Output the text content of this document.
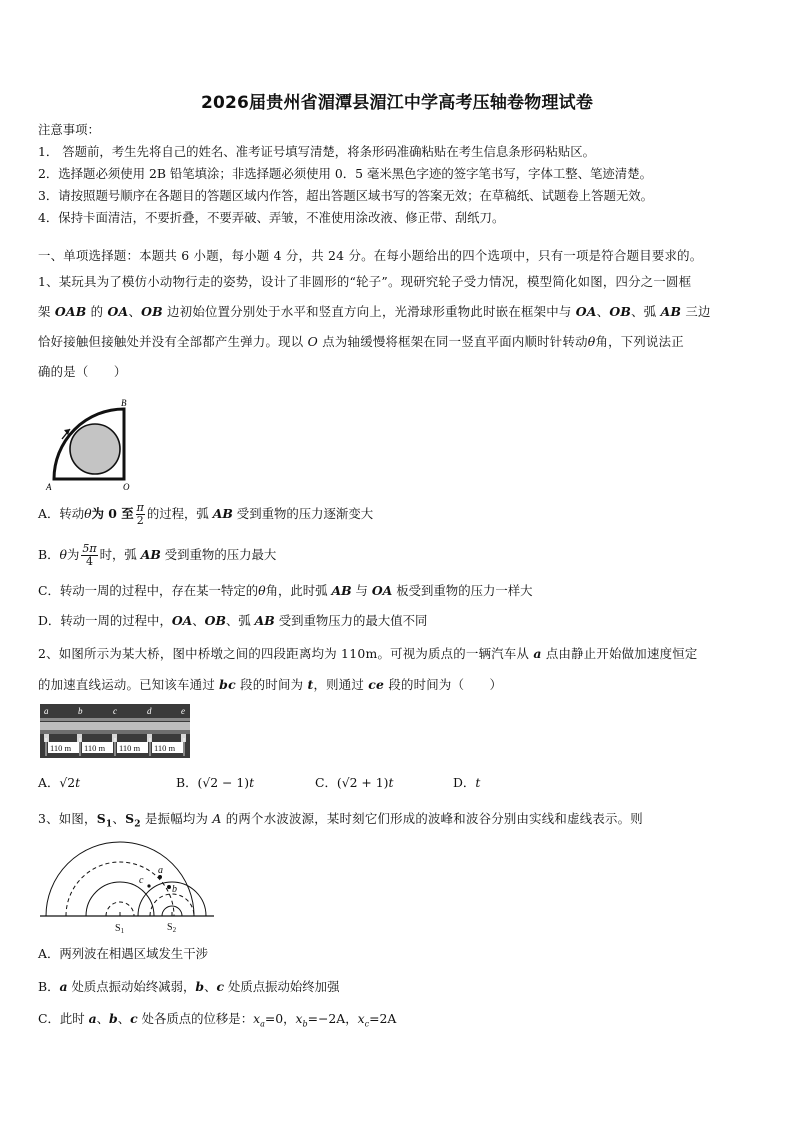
2026届贵州省湄潭县湄江中学高考压轴卷物理试卷
注意事项：
1． 答题前，考生先将自己的姓名、准考证号填写清楚，将条形码准确粘贴在考生信息条形码粘贴区。
2．选择题必须使用 2B 铅笔填涂；非选择题必须使用 0．5 毫米黑色字迹的签字笔书写，字体工整、笔迹清楚。
3．请按照题号顺序在各题目的答题区域内作答，超出答题区域书写的答案无效；在草稿纸、试题卷上答题无效。
4．保持卡面清洁，不要折叠，不要弄破、弄皱，不准使用涂改液、修正带、刮纸刀。
一、单项选择题：本题共 6 小题，每小题 4 分，共 24 分。在每小题给出的四个选项中，只有一项是符合题目要求的。
1、某玩具为了模仿小动物行走的姿势，设计了非圆形的“轮子”。现研究轮子受力情况，模型简化如图，四分之一圆框
架 OAB 的 OA、OB 边初始位置分别处于水平和竖直方向上，光滑球形重物此时嵌在框架中与 OA、OB、弧 AB 三边
恰好接触但接触处并没有全部都产生弹力。现以 O 点为轴缓慢将框架在同一竖直平面内顺时针转动θ角，下列说法正
确的是（　　）
B
A	O
A．转动θ为 0 至 $\frac{\pi}{2}$ 的过程，弧 AB 受到重物的压力逐渐变大
B．θ为 $\frac{5\pi}{4}$ 时，弧 AB 受到重物的压力最大
C．转动一周的过程中，存在某一特定的θ角，此时弧 AB 与 OA 板受到重物的压力一样大
D．转动一周的过程中，OA、OB、弧 AB 受到重物压力的最大值不同
2、如图所示为某大桥，图中桥墩之间的四段距离均为 110m。可视为质点的一辆汽车从 a 点由静止开始做加速度恒定
的加速直线运动。已知该车通过 bc 段的时间为 t，则通过 ce 段的时间为（　　）
110 m 110 m 110 m 110 m
a	b	c	d	e
A．√2t	B．(√2 − 1)t	C．(√2 + 1)t	D．t
3、如图，$S_1$、$S_2$ 是振幅均为 A 的两个水波波源，某时刻它们形成的波峰和波谷分别由实线和虚线表示。则
c
a
b
$S_1$	$S_2$
A．两列波在相遇区域发生干涉
B．a 处质点振动始终减弱，b、c 处质点振动始终加强
C．此时 a、b、c 处各质点的位移是：$x_a=0$，$x_b=-2A$，$x_c=2A$
